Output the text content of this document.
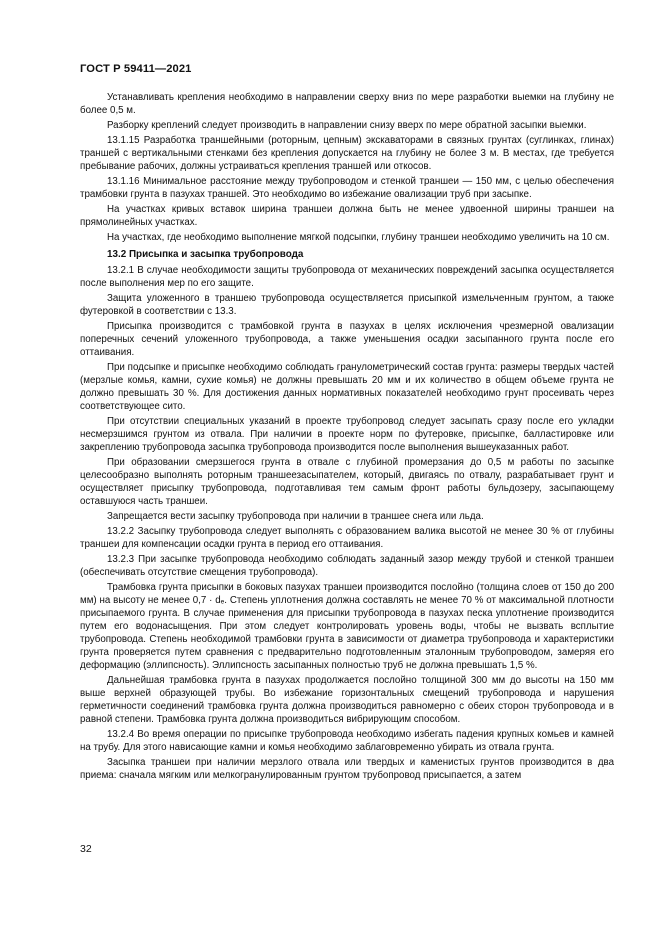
ГОСТ Р 59411—2021

Устанавливать крепления необходимо в направлении сверху вниз по мере разработки выемки на глубину не более 0,5 м.

Разборку креплений следует производить в направлении снизу вверх по мере обратной засыпки выемки.

13.1.15 Разработка траншейными (роторным, цепным) экскаваторами в связных грунтах (суглинках, глинах) траншей с вертикальными стенками без крепления допускается на глубину не более 3 м. В местах, где требуется пребывание рабочих, должны устраиваться крепления траншей или откосов.

13.1.16 Минимальное расстояние между трубопроводом и стенкой траншеи — 150 мм, с целью обеспечения трамбовки грунта в пазухах траншей. Это необходимо во избежание овализации труб при засыпке.

На участках кривых вставок ширина траншеи должна быть не менее удвоенной ширины траншеи на прямолинейных участках.

На участках, где необходимо выполнение мягкой подсыпки, глубину траншеи необходимо увеличить на 10 см.

13.2 Присыпка и засыпка трубопровода

13.2.1 В случае необходимости защиты трубопровода от механических повреждений засыпка осуществляется после выполнения мер по его защите.

Защита уложенного в траншею трубопровода осуществляется присыпкой измельченным грунтом, а также футеровкой в соответствии с 13.3.

Присыпка производится с трамбовкой грунта в пазухах в целях исключения чрезмерной овализации поперечных сечений уложенного трубопровода, а также уменьшения осадки засыпанного грунта после его оттаивания.

При подсыпке и присыпке необходимо соблюдать гранулометрический состав грунта: размеры твердых частей (мерзлые комья, камни, сухие комья) не должны превышать 20 мм и их количество в общем объеме грунта не должно превышать 30 %. Для достижения данных нормативных показателей необходимо грунт просеивать через соответствующее сито.

При отсутствии специальных указаний в проекте трубопровод следует засыпать сразу после его укладки несмерзшимся грунтом из отвала. При наличии в проекте норм по футеровке, присыпке, балластировке или закреплению трубопровода засыпка трубопровода производится после выполнения вышеуказанных работ.

При образовании смерзшегося грунта в отвале с глубиной промерзания до 0,5 м работы по засыпке целесообразно выполнять роторным траншеезасыпателем, который, двигаясь по отвалу, разрабатывает грунт и осуществляет присыпку трубопровода, подготавливая тем самым фронт работы бульдозеру, засыпающему оставшуюся часть траншеи.

Запрещается вести засыпку трубопровода при наличии в траншее снега или льда.

13.2.2 Засыпку трубопровода следует выполнять с образованием валика высотой не менее 30 % от глубины траншеи для компенсации осадки грунта в период его оттаивания.

13.2.3 При засыпке трубопровода необходимо соблюдать заданный зазор между трубой и стенкой траншеи (обеспечивать отсутствие смещения трубопровода).

Трамбовка грунта присыпки в боковых пазухах траншеи производится послойно (толщина слоев от 150 до 200 мм) на высоту не менее 0,7 · dₑ. Степень уплотнения должна составлять не менее 70 % от максимальной плотности присыпаемого грунта. В случае применения для присыпки трубопровода в пазухах песка уплотнение производится путем его водонасыщения. При этом следует контролировать уровень воды, чтобы не вызвать всплытие трубопровода. Степень необходимой трамбовки грунта в зависимости от диаметра трубопровода и характеристики грунта проверяется путем сравнения с предварительно подготовленным эталонным трубопроводом, замеряя его деформацию (эллипсность). Эллипсность засыпанных полностью труб не должна превышать 1,5 %.

Дальнейшая трамбовка грунта в пазухах продолжается послойно толщиной 300 мм до высоты на 150 мм выше верхней образующей трубы. Во избежание горизонтальных смещений трубопровода и нарушения герметичности соединений трамбовка грунта должна производиться равномерно с обеих сторон трубопровода и в равной степени. Трамбовка грунта должна производиться вибрирующим способом.

13.2.4 Во время операции по присыпке трубопровода необходимо избегать падения крупных комьев и камней на трубу. Для этого нависающие камни и комья необходимо заблаговременно убирать из отвала грунта.

Засыпка траншеи при наличии мерзлого отвала или твердых и каменистых грунтов производится в два приема: сначала мягким или мелкогранулированным грунтом трубопровод присыпается, а затем

32
